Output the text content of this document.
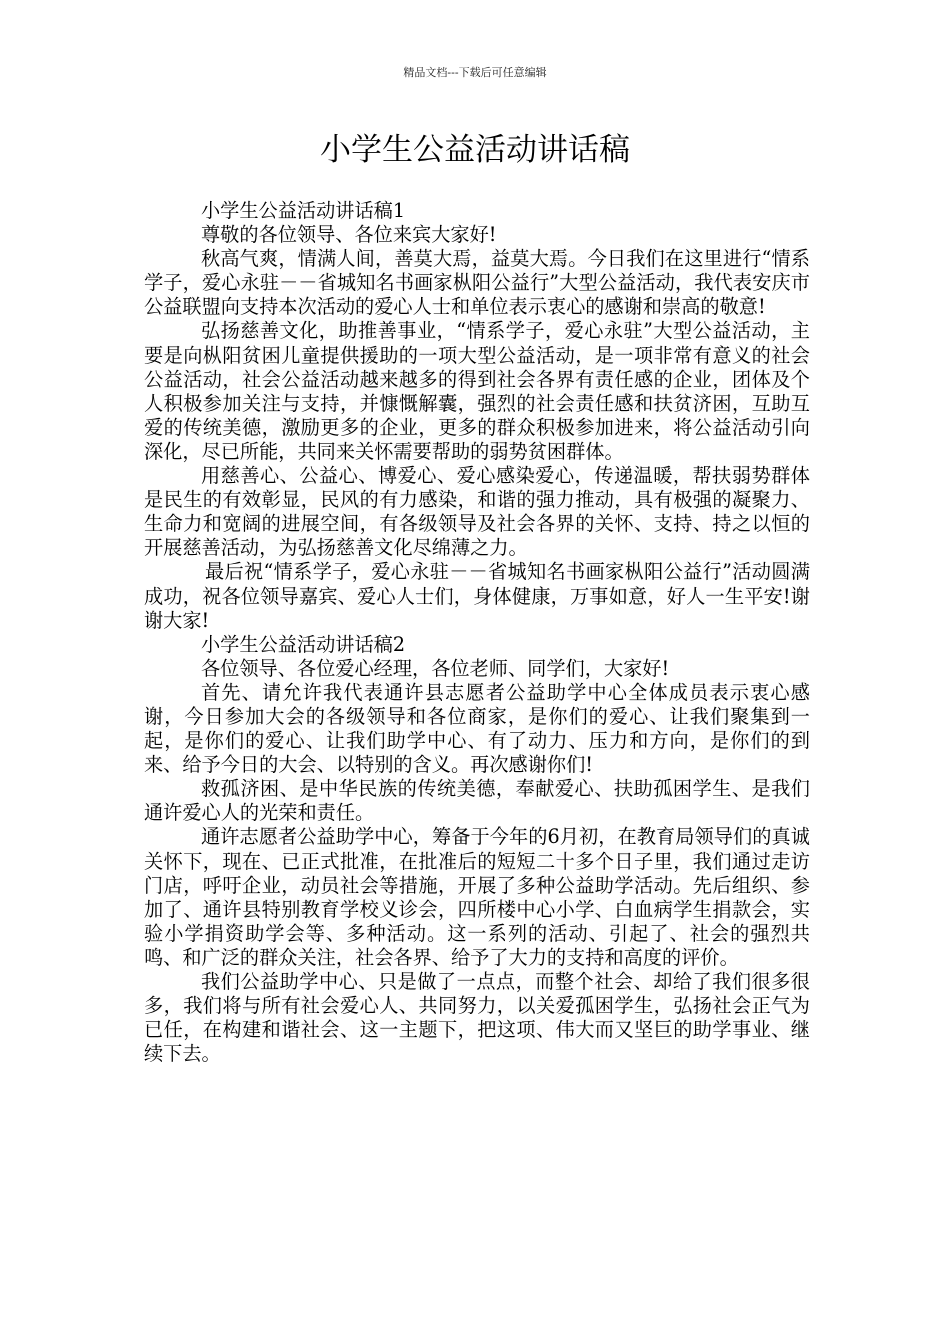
精品文档---下载后可任意编辑
小学生公益活动讲话稿

小学生公益活动讲话稿1

尊敬的各位领导、各位来宾大家好!

秋高气爽，情满人间，善莫大焉，益莫大焉。今日我们在这里进行“情系学子，爱心永驻－－省城知名书画家枞阳公益行”大型公益活动，我代表安庆市公益联盟向支持本次活动的爱心人士和单位表示衷心的感谢和崇高的敬意!

弘扬慈善文化，助推善事业，“情系学子，爱心永驻”大型公益活动，主要是向枞阳贫困儿童提供援助的一项大型公益活动，是一项非常有意义的社会公益活动，社会公益活动越来越多的得到社会各界有责任感的企业，团体及个人积极参加关注与支持，并慷慨解囊，强烈的社会责任感和扶贫济困，互助互爱的传统美德，激励更多的企业，更多的群众积极参加进来，将公益活动引向深化，尽已所能，共同来关怀需要帮助的弱势贫困群体。

用慈善心、公益心、博爱心、爱心感染爱心，传递温暖，帮扶弱势群体是民生的有效彰显，民风的有力感染，和谐的强力推动，具有极强的凝聚力、生命力和宽阔的进展空间，有各级领导及社会各界的关怀、支持、持之以恒的开展慈善活动，为弘扬慈善文化尽绵薄之力。

最后祝“情系学子，爱心永驻－－省城知名书画家枞阳公益行”活动圆满成功，祝各位领导嘉宾、爱心人士们，身体健康，万事如意，好人一生平安!谢谢大家!

小学生公益活动讲话稿2

各位领导、各位爱心经理，各位老师、同学们，大家好!

首先、请允许我代表通许县志愿者公益助学中心全体成员表示衷心感谢，今日参加大会的各级领导和各位商家，是你们的爱心、让我们聚集到一起，是你们的爱心、让我们助学中心、有了动力、压力和方向，是你们的到来、给予今日的大会、以特别的含义。再次感谢你们!

救孤济困、是中华民族的传统美德，奉献爱心、扶助孤困学生、是我们通许爱心人的光荣和责任。

通许志愿者公益助学中心，筹备于今年的6月初，在教育局领导们的真诚关怀下，现在、已正式批准，在批准后的短短二十多个日子里，我们通过走访门店，呼吁企业，动员社会等措施，开展了多种公益助学活动。先后组织、参加了、通许县特别教育学校义诊会，四所楼中心小学、白血病学生捐款会，实验小学捐资助学会等、多种活动。这一系列的活动、引起了、社会的强烈共鸣、和广泛的群众关注，社会各界、给予了大力的支持和高度的评价。

我们公益助学中心、只是做了一点点，而整个社会、却给了我们很多很多，我们将与所有社会爱心人、共同努力，以关爱孤困学生，弘扬社会正气为已任，在构建和谐社会、这一主题下，把这项、伟大而又坚巨的助学事业、继续下去。
